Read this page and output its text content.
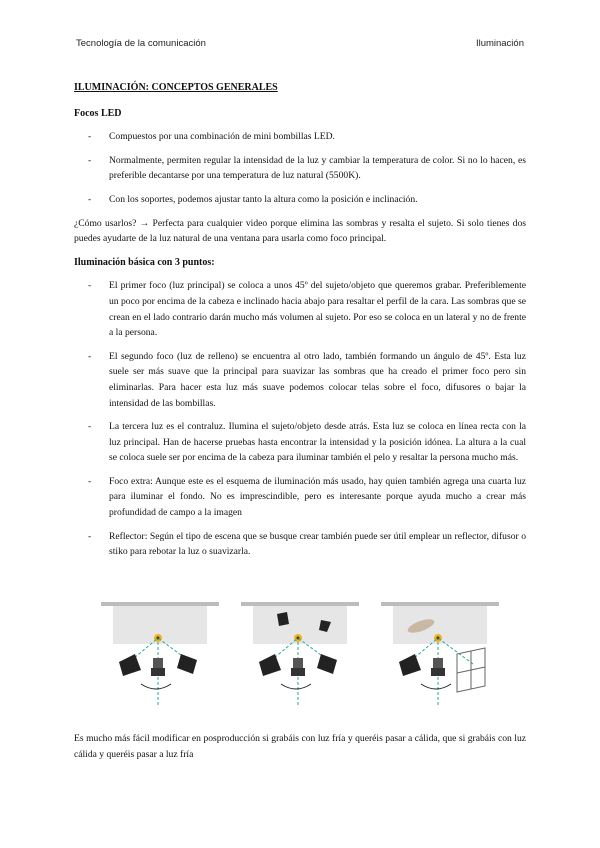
Tecnología de la comunicación	Iluminación
ILUMINACIÓN: CONCEPTOS GENERALES
Focos LED
- Compuestos por una combinación de mini bombillas LED.
- Normalmente, permiten regular la intensidad de la luz y cambiar la temperatura de color. Si no lo hacen, es preferible decantarse por una temperatura de luz natural (5500K).
- Con los soportes, podemos ajustar tanto la altura como la posición e inclinación.

¿Cómo usarlos? → Perfecta para cualquier video porque elimina las sombras y resalta el sujeto. Si solo tienes dos puedes ayudarte de la luz natural de una ventana para usarla como foco principal.

Iluminación básica con 3 puntos:
- El primer foco (luz principal) se coloca a unos 45º del sujeto/objeto que queremos grabar. Preferiblemente un poco por encima de la cabeza e inclinado hacia abajo para resaltar el perfil de la cara. Las sombras que se crean en el lado contrario darán mucho más volumen al sujeto. Por eso se coloca en un lateral y no de frente a la persona.
- El segundo foco (luz de relleno) se encuentra al otro lado, también formando un ángulo de 45º. Esta luz suele ser más suave que la principal para suavizar las sombras que ha creado el primer foco pero sin eliminarlas. Para hacer esta luz más suave podemos colocar telas sobre el foco, difusores o bajar la intensidad de las bombillas.
- La tercera luz es el contraluz. Ilumina el sujeto/objeto desde atrás. Esta luz se coloca en línea recta con la luz principal. Han de hacerse pruebas hasta encontrar la intensidad y la posición idónea. La altura a la cual se coloca suele ser por encima de la cabeza para iluminar también el pelo y resaltar la persona mucho más.
- Foco extra: Aunque este es el esquema de iluminación más usado, hay quien también agrega una cuarta luz para iluminar el fondo. No es imprescindible, pero es interesante porque ayuda mucho a crear más profundidad de campo a la imagen
- Reflector: Según el tipo de escena que se busque crear también puede ser útil emplear un reflector, difusor o stiko para rebotar la luz o suavizarla.

Es mucho más fácil modificar en posproducción si grabáis con luz fría y queréis pasar a cálida, que si grabáis con luz cálida y queréis pasar a luz fría
